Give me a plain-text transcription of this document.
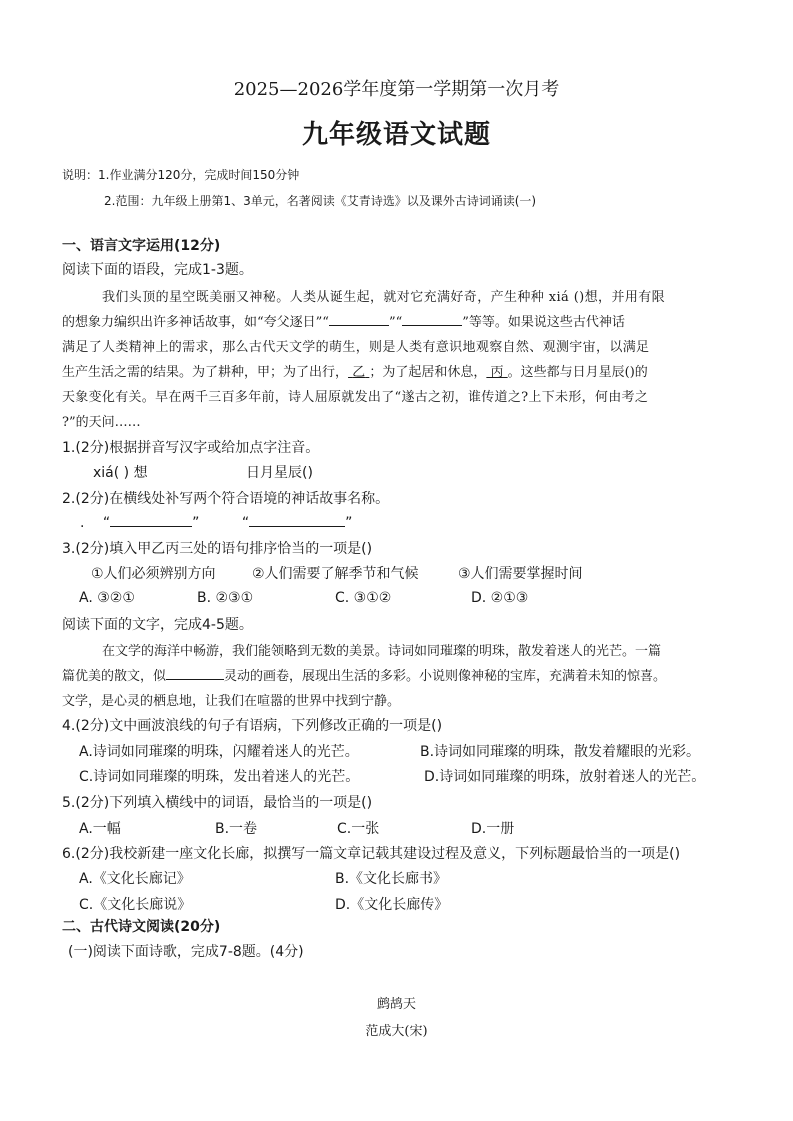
2025—2026学年度第一学期第一次月考
九年级语文试题
说明：1.作业满分120分，完成时间150分钟
2.范围：九年级上册第1、3单元，名著阅读《艾青诗选》以及课外古诗词诵读(一)
一、语言文字运用(12分)
阅读下面的语段，完成1-3题。
我们头顶的星空既美丽又神秘。人类从诞生起，就对它充满好奇，产生种种 xiá ()想，并用有限
的想象力编织出许多神话故事，如“夸父逐日”“	”“	”等等。如果说这些古代神话
满足了人类精神上的需求，那么古代天文学的萌生，则是人类有意识地观察自然、观测宇宙，以满足
生产生活之需的结果。为了耕种，甲；为了出行， 乙 ；为了起居和休息， 丙 。这些都与日月星辰()的
天象变化有关。早在两千三百多年前，诗人屈原就发出了“遂古之初，谁传道之?上下未形，何由考之
?”的天问……
1.(2分)根据拼音写汉字或给加点字注音。
xiá( ) 想	日月星辰()
2.(2分)在横线处补写两个符合语境的神话故事名称。
. “	”	“	”
3.(2分)填入甲乙丙三处的语句排序恰当的一项是()
①人们必须辨别方向	②人们需要了解季节和气候	③人们需要掌握时间
A. ③②①	B. ②③①	C. ③①②	D. ②①③
阅读下面的文字，完成4-5题。
在文学的海洋中畅游，我们能领略到无数的美景。诗词如同璀璨的明珠，散发着迷人的光芒。一篇
篇优美的散文，似	灵动的画卷，展现出生活的多彩。小说则像神秘的宝库，充满着未知的惊喜。
文学，是心灵的栖息地，让我们在喧嚣的世界中找到宁静。
4.(2分)文中画波浪线的句子有语病，下列修改正确的一项是()
A.诗词如同璀璨的明珠，闪耀着迷人的光芒。	B.诗词如同璀璨的明珠，散发着耀眼的光彩。
C.诗词如同璀璨的明珠，发出着迷人的光芒。	D.诗词如同璀璨的明珠，放射着迷人的光芒。
5.(2分)下列填入横线中的词语，最恰当的一项是()
A.一幅	B.一卷	C.一张	D.一册
6.(2分)我校新建一座文化长廊，拟撰写一篇文章记载其建设过程及意义，下列标题最恰当的一项是()
A.《文化长廊记》	B.《文化长廊书》
C.《文化长廊说》	D.《文化长廊传》
二、古代诗文阅读(20分)
(一)阅读下面诗歌，完成7-8题。(4分)
鹧鸪天
范成大(宋)
